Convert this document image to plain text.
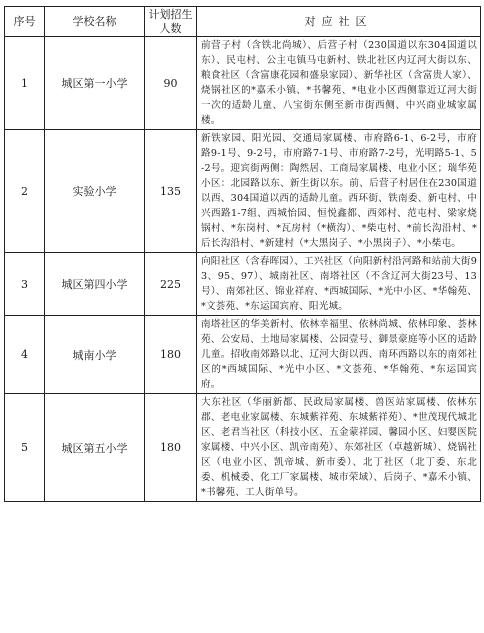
序号	学校名称	计划招生人数	对应社区
1	城区第一小学	90	前营子村（含铁北尚城）、后营子村（230国道以东304国道以东）、民屯村、公主屯镇马屯新村、铁北社区内辽河大街以东、粮食社区（含富康花园和盛泉家园）、新华社区（含富贵人家）、烧锅社区的*嘉禾小镇、*书馨苑、*电业小区西侧靠近辽河大街一次的适龄儿童、八宝街东侧至新市街西侧、中兴商业城家属楼。
2	实验小学	135	新铁家园、阳光园、交通局家属楼、市府路6-1、6-2号，市府路9-1号、9-2号，市府路7-1号、市府路7-2号，光明路5-1、5-2号。迎宾街两侧：陶然居、工商局家属楼、电业小区；瑞华苑小区：北园路以东、新生街以东。前、后营子村居住在230国道以西、304国道以西的适龄儿童。西环街、铁南委、新屯村、中兴西路1-7组、西城怡园、恒悦鑫都、西郊村、范屯村、梁家烧锅村、*东岗村、*瓦房村（*横沟）、*柴屯村、*前长沟沿村、*后长沟沿村、*新建村（*大黑岗子、*小黑岗子）、*小柴屯。
3	城区第四小学	225	向阳社区（含春晖园）、工兴社区（向阳新村沿河路和站前大街93、95、97）、城南社区、南塔社区（不含辽河大街23号、13号）、南郊社区、锦业祥府、*西城国际、*光中小区、*华翰苑、*文荟苑、*东运国宾府、阳光城。
4	城南小学	180	南塔社区的华美新村、依林幸福里、依林尚城、依林印象、荟林苑、公安局、土地局家属楼、公园壹号、御景豪庭等小区的适龄儿童。招收南郊路以北、辽河大街以西、南环西路以东的南郊社区的*西城国际、*光中小区、*文荟苑、*华翰苑、*东运国宾府。
5	城区第五小学	180	大东社区（华丽新都、民政局家属楼、兽医站家属楼、依林东郡、老电业家属楼、东城紫祥苑、东城紫祥苑）、*世茂现代城北区、老君当社区（科技小区、五金蒙祥园、馨园小区、妇婴医院家属楼、中兴小区、凯帝南苑）、东郊社区（卓越新城）、烧锅社区（电业小区、凯帝城、新市委）、北丁社区（北丁委、东北委、机械委、化工厂家属楼、城市荣域）、后岗子、*嘉禾小镇、*书馨苑、工人街单号。
